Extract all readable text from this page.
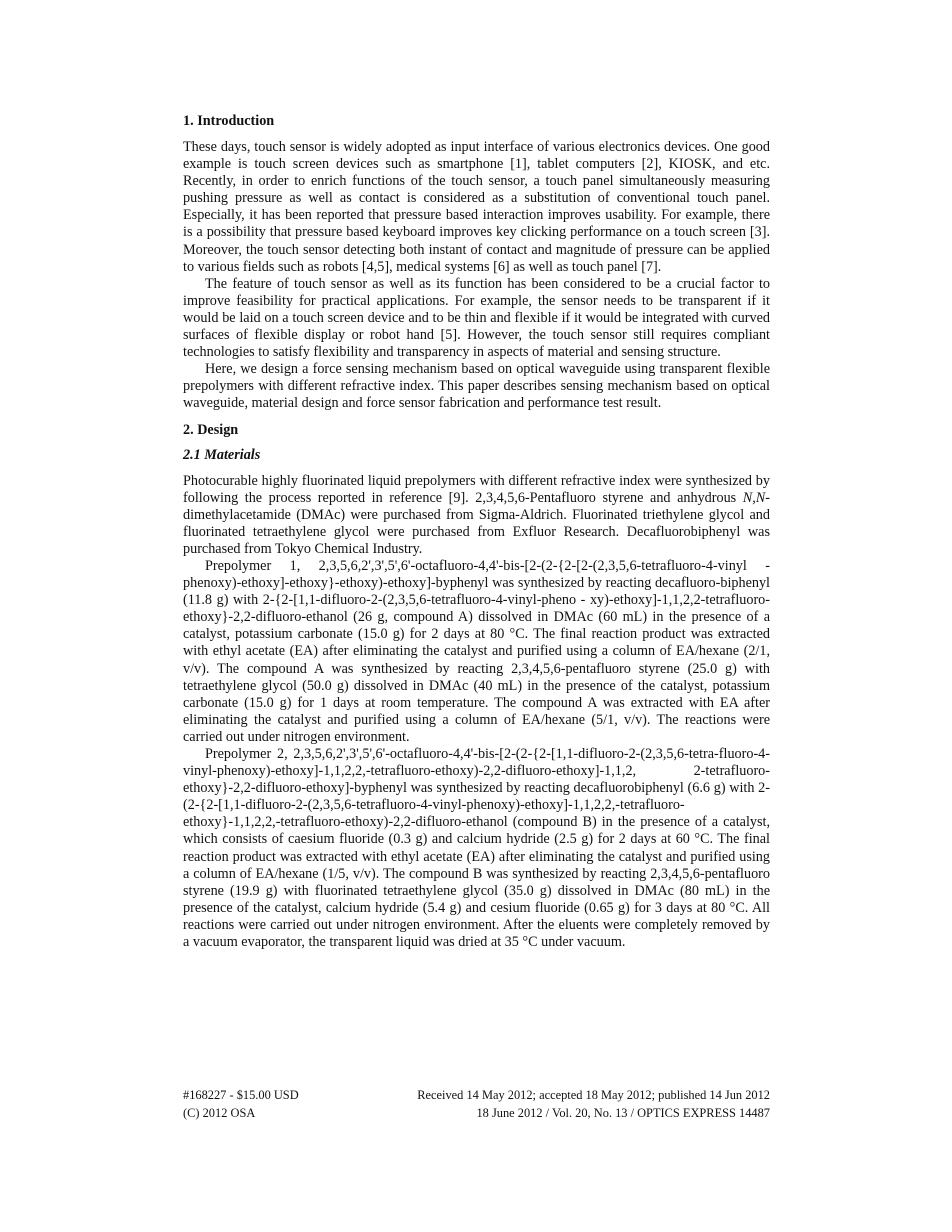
1. Introduction

These days, touch sensor is widely adopted as input interface of various electronics devices. One good example is touch screen devices such as smartphone [1], tablet computers [2], KIOSK, and etc. Recently, in order to enrich functions of the touch sensor, a touch panel simultaneously measuring pushing pressure as well as contact is considered as a substitution of conventional touch panel. Especially, it has been reported that pressure based interaction improves usability. For example, there is a possibility that pressure based keyboard improves key clicking performance on a touch screen [3]. Moreover, the touch sensor detecting both instant of contact and magnitude of pressure can be applied to various fields such as robots [4,5], medical systems [6] as well as touch panel [7].

The feature of touch sensor as well as its function has been considered to be a crucial factor to improve feasibility for practical applications. For example, the sensor needs to be transparent if it would be laid on a touch screen device and to be thin and flexible if it would be integrated with curved surfaces of flexible display or robot hand [5]. However, the touch sensor still requires compliant technologies to satisfy flexibility and transparency in aspects of material and sensing structure.

Here, we design a force sensing mechanism based on optical waveguide using transparent flexible prepolymers with different refractive index. This paper describes sensing mechanism based on optical waveguide, material design and force sensor fabrication and performance test result.

2. Design
2.1 Materials

Photocurable highly fluorinated liquid prepolymers with different refractive index were synthesized by following the process reported in reference [9]. 2,3,4,5,6-Pentafluoro styrene and anhydrous N,N-dimethylacetamide (DMAc) were purchased from Sigma-Aldrich. Fluorinated triethylene glycol and fluorinated tetraethylene glycol were purchased from Exfluor Research. Decafluorobiphenyl was purchased from Tokyo Chemical Industry.

Prepolymer 1, 2,3,5,6,2',3',5',6'-octafluoro-4,4'-bis-[2-(2-{2-[2-(2,3,5,6-tetrafluoro-4-vinyl -phenoxy)-ethoxy]-ethoxy}-ethoxy)-ethoxy]-byphenyl was synthesized by reacting decafluoro-biphenyl (11.8 g) with 2-{2-[1,1-difluoro-2-(2,3,5,6-tetrafluoro-4-vinyl-pheno - xy)-ethoxy]-1,1,2,2-tetrafluoro-ethoxy}-2,2-difluoro-ethanol (26 g, compound A) dissolved in DMAc (60 mL) in the presence of a catalyst, potassium carbonate (15.0 g) for 2 days at 80 °C. The final reaction product was extracted with ethyl acetate (EA) after eliminating the catalyst and purified using a column of EA/hexane (2/1, v/v). The compound A was synthesized by reacting 2,3,4,5,6-pentafluoro styrene (25.0 g) with tetraethylene glycol (50.0 g) dissolved in DMAc (40 mL) in the presence of the catalyst, potassium carbonate (15.0 g) for 1 days at room temperature. The compound A was extracted with EA after eliminating the catalyst and purified using a column of EA/hexane (5/1, v/v). The reactions were carried out under nitrogen environment.

Prepolymer 2, 2,3,5,6,2',3',5',6'-octafluoro-4,4'-bis-[2-(2-{2-[1,1-difluoro-2-(2,3,5,6-tetra-fluoro-4-vinyl-phenoxy)-ethoxy]-1,1,2,2,-tetrafluoro-ethoxy)-2,2-difluoro-ethoxy]-1,1,2, 2-tetrafluoro-ethoxy}-2,2-difluoro-ethoxy]-byphenyl was synthesized by reacting decafluorobiphenyl (6.6 g) with 2-(2-{2-[1,1-difluoro-2-(2,3,5,6-tetrafluoro-4-vinyl-phenoxy)-ethoxy]-1,1,2,2,-tetrafluoro-ethoxy}-1,1,2,2,-tetrafluoro-ethoxy)-2,2-difluoro-ethanol (compound B) in the presence of a catalyst, which consists of caesium fluoride (0.3 g) and calcium hydride (2.5 g) for 2 days at 60 °C. The final reaction product was extracted with ethyl acetate (EA) after eliminating the catalyst and purified using a column of EA/hexane (1/5, v/v). The compound B was synthesized by reacting 2,3,4,5,6-pentafluoro styrene (19.9 g) with fluorinated tetraethylene glycol (35.0 g) dissolved in DMAc (80 mL) in the presence of the catalyst, calcium hydride (5.4 g) and cesium fluoride (0.65 g) for 3 days at 80 °C. All reactions were carried out under nitrogen environment. After the eluents were completely removed by a vacuum evaporator, the transparent liquid was dried at 35 °C under vacuum.

#168227 - $15.00 USD	Received 14 May 2012; accepted 18 May 2012; published 14 Jun 2012
(C) 2012 OSA	18 June 2012 / Vol. 20, No. 13 / OPTICS EXPRESS 14487
